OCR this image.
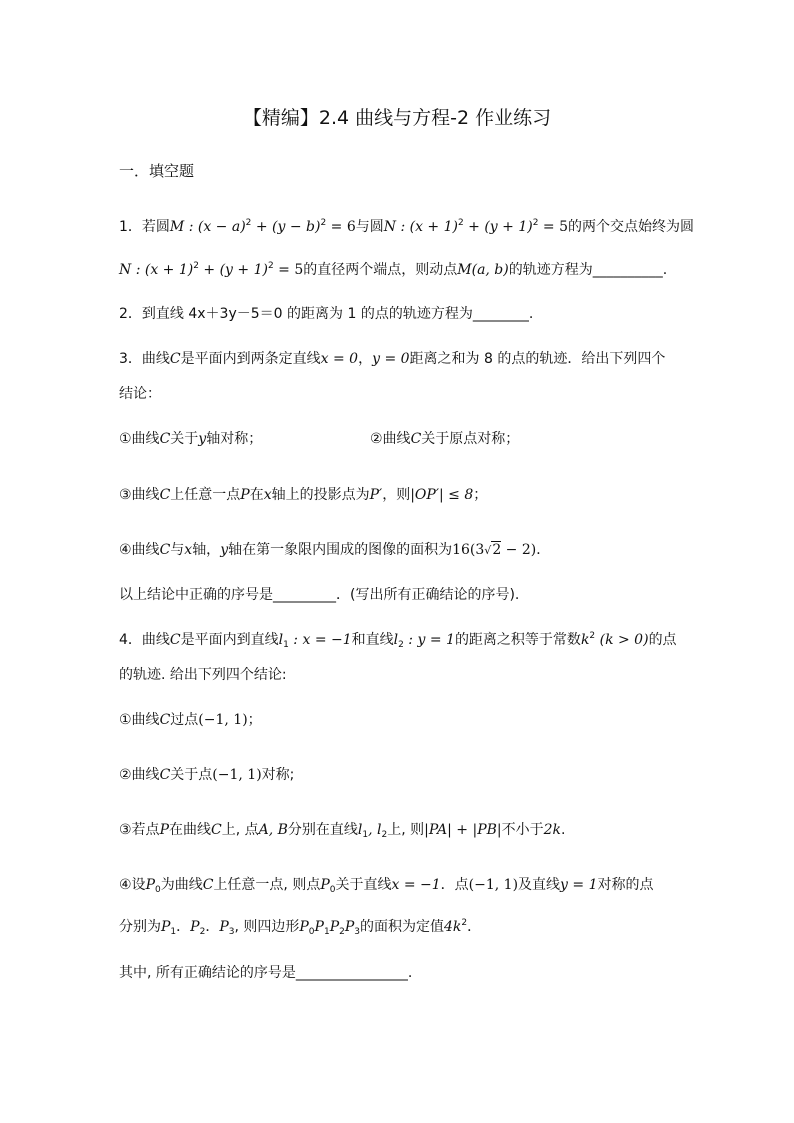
【精编】2.4 曲线与方程-2 作业练习
一．填空题
1．若圆M : $(x - a)^2 + (y - b)^2 = 6$与圆N : $(x + 1)^2 + (y + 1)^2 = 5$的两个交点始终为圆
N : $(x + 1)^2 + (y + 1)^2 = 5$的直径两个端点，则动点M(a, b)的轨迹方程为__________.
2．到直线 4x＋3y－5＝0 的距离为 1 的点的轨迹方程为________.
3．曲线C是平面内到两条定直线x = 0，y = 0距离之和为 8 的点的轨迹．给出下列四个
结论：
①曲线C关于y轴对称；	②曲线C关于原点对称；
③曲线C上任意一点P在x轴上的投影点为P′，则|OP′| ≤ 8；
④曲线C与x轴，y轴在第一象限内围成的图像的面积为16(3√2 − 2)．
以上结论中正确的序号是_________．(写出所有正确结论的序号).
4．曲线C是平面内到直线$l_1$ : x = −1和直线$l_2$ : y = 1的距离之积等于常数$k^2$ (k > 0)的点
的轨迹. 给出下列四个结论:
①曲线C过点(−1, 1)；
②曲线C关于点(−1, 1)对称;
③若点P在曲线C上, 点A, B分别在直线$l_1$, $l_2$上, 则|PA| + |PB|不小于2k.
④设$P_0$为曲线C上任意一点, 则点$P_0$关于直线x = −1．点(−1, 1)及直线y = 1对称的点
分别为$P_1$．$P_2$．$P_3$, 则四边形$P_0P_1P_2P_3$的面积为定值$4k^2$．
其中, 所有正确结论的序号是________________.
